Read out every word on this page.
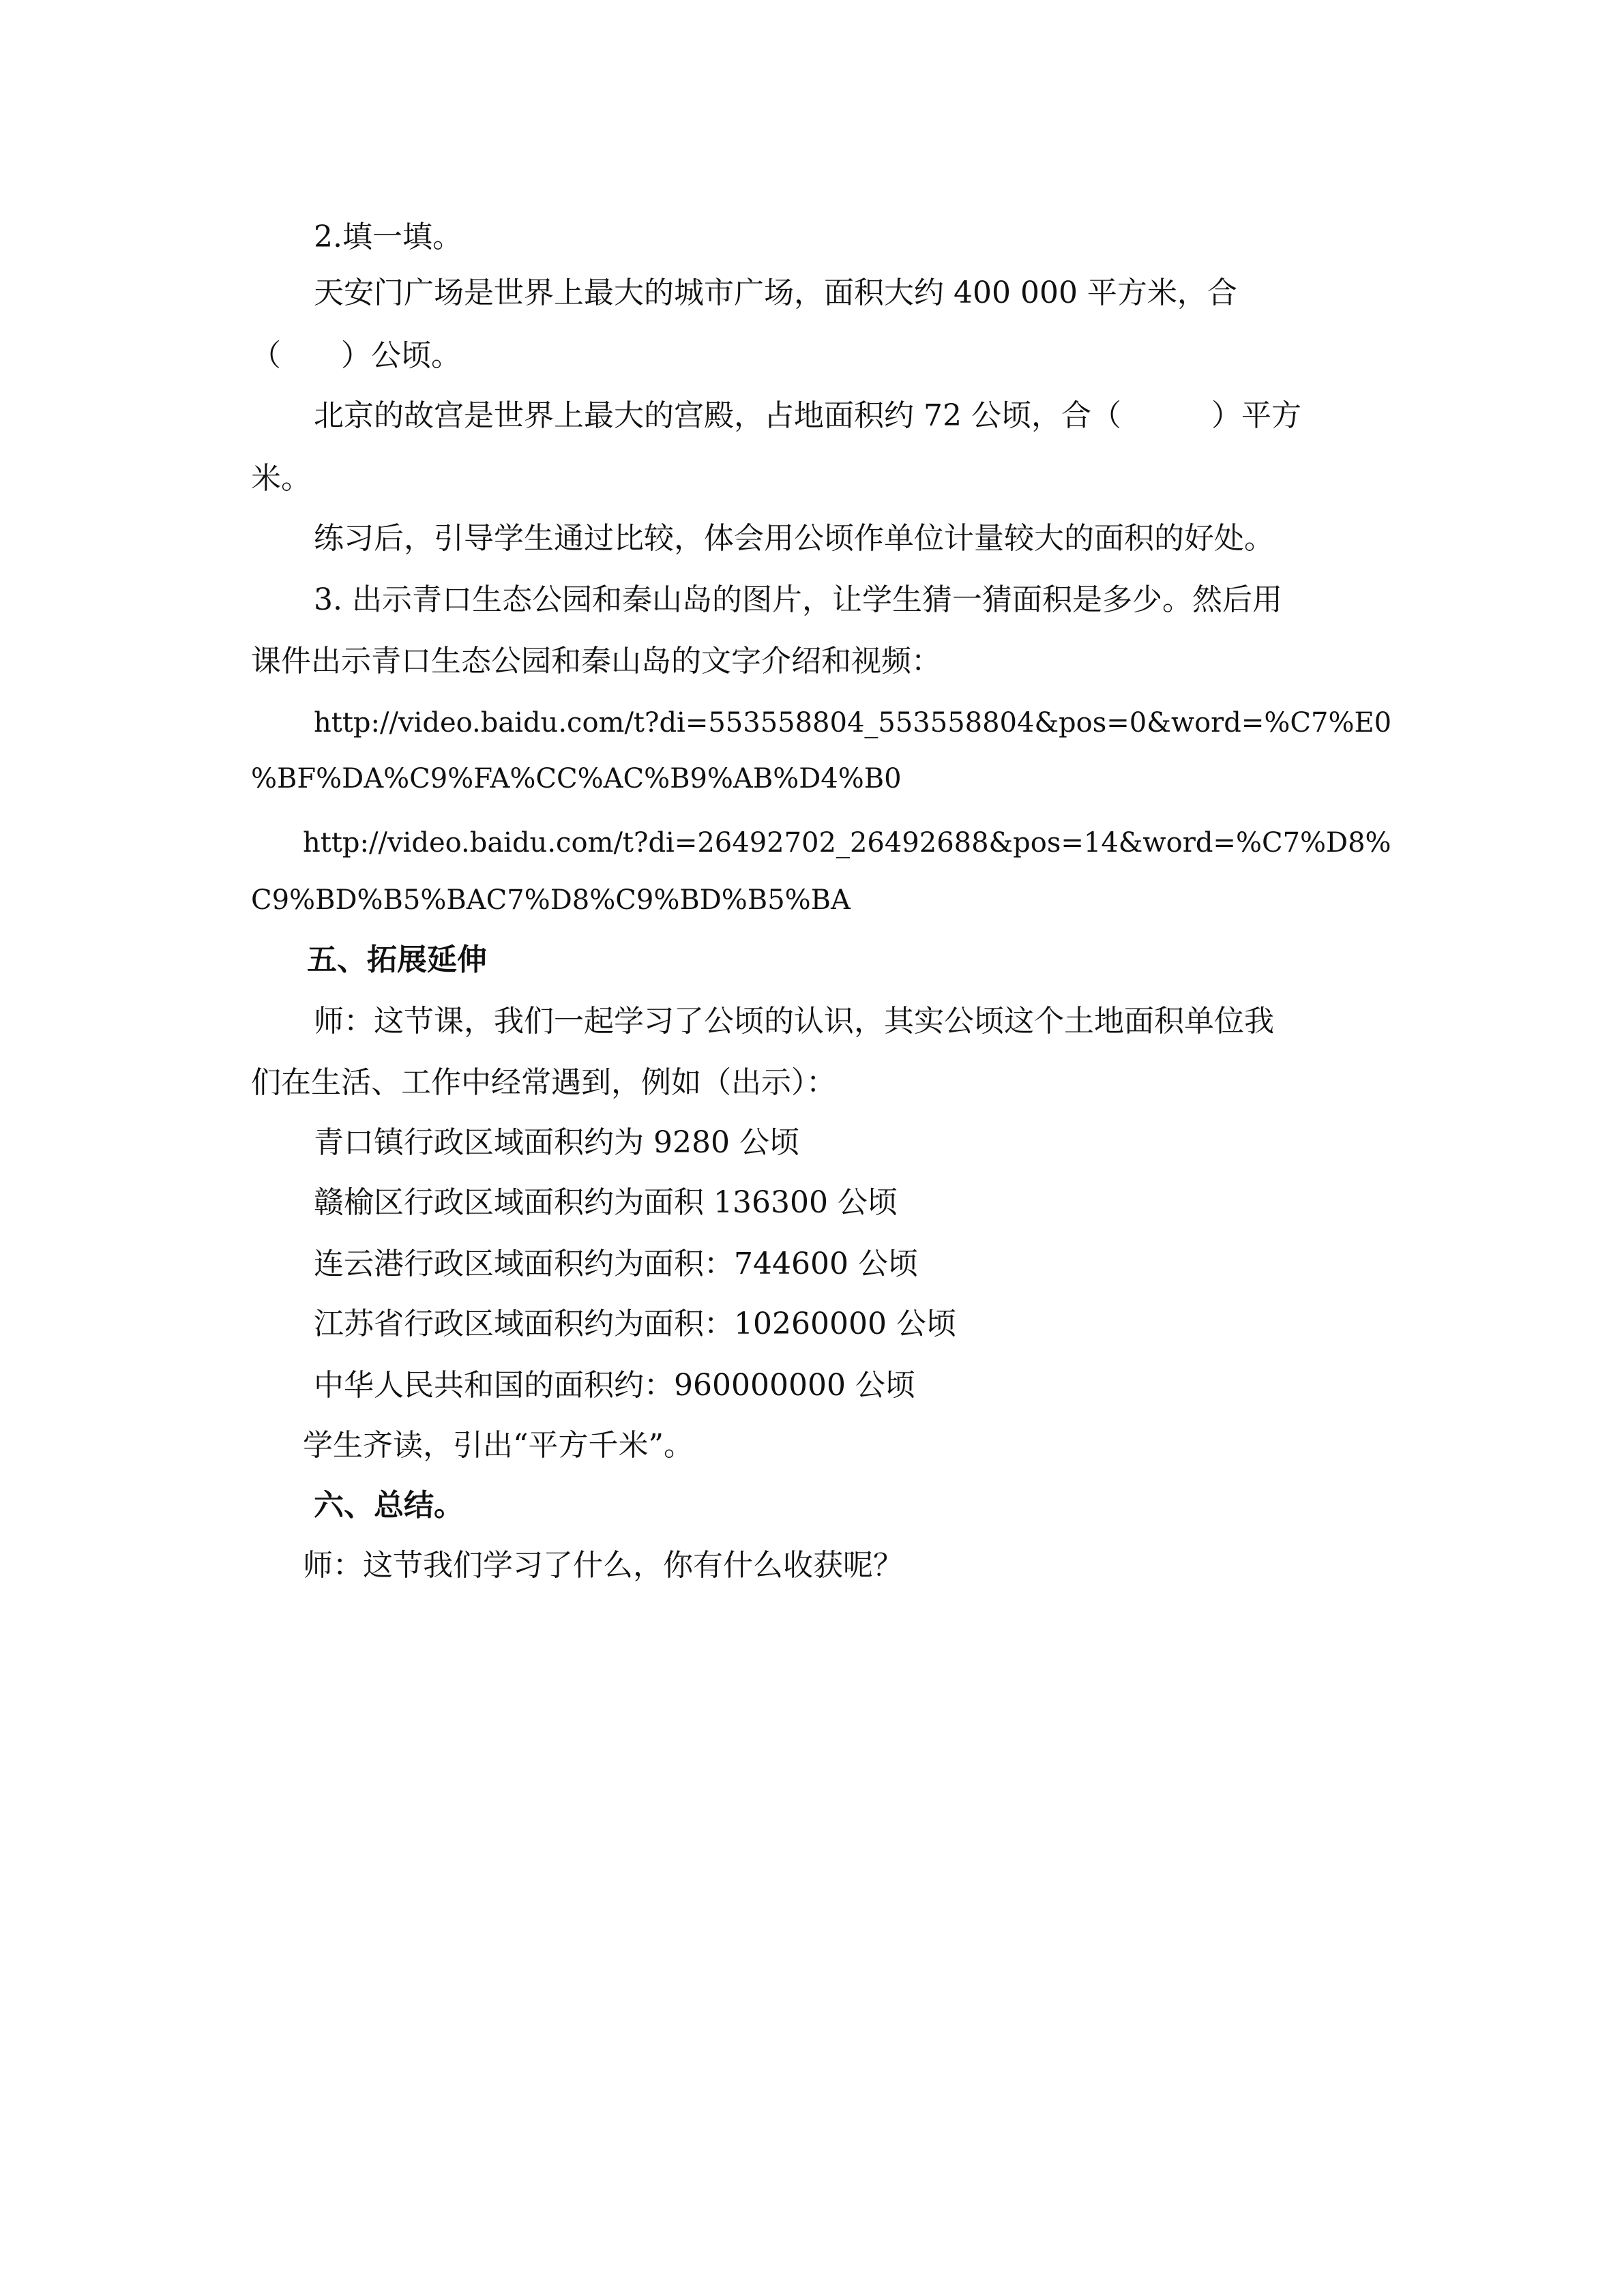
2.填一填。
天安门广场是世界上最大的城市广场，面积大约 400 000 平方米，合
（　　）公顷。
北京的故宫是世界上最大的宫殿，占地面积约 72 公顷，合（　　　）平方
米。
练习后，引导学生通过比较，体会用公顷作单位计量较大的面积的好处。
3. 出示青口生态公园和秦山岛的图片，让学生猜一猜面积是多少。然后用
课件出示青口生态公园和秦山岛的文字介绍和视频：
http://video.baidu.com/t?di=553558804_553558804&pos=0&word=%C7%E0
%BF%DA%C9%FA%CC%AC%B9%AB%D4%B0
http://video.baidu.com/t?di=26492702_26492688&pos=14&word=%C7%D8%
C9%BD%B5%BAC7%D8%C9%BD%B5%BA
五、拓展延伸
师：这节课，我们一起学习了公顷的认识，其实公顷这个土地面积单位我
们在生活、工作中经常遇到，例如（出示）：
青口镇行政区域面积约为 9280 公顷
赣榆区行政区域面积约为面积 136300 公顷
连云港行政区域面积约为面积：744600 公顷
江苏省行政区域面积约为面积：10260000 公顷
中华人民共和国的面积约：960000000 公顷
学生齐读，引出“平方千米”。
六、总结。
师：这节我们学习了什么，你有什么收获呢？
